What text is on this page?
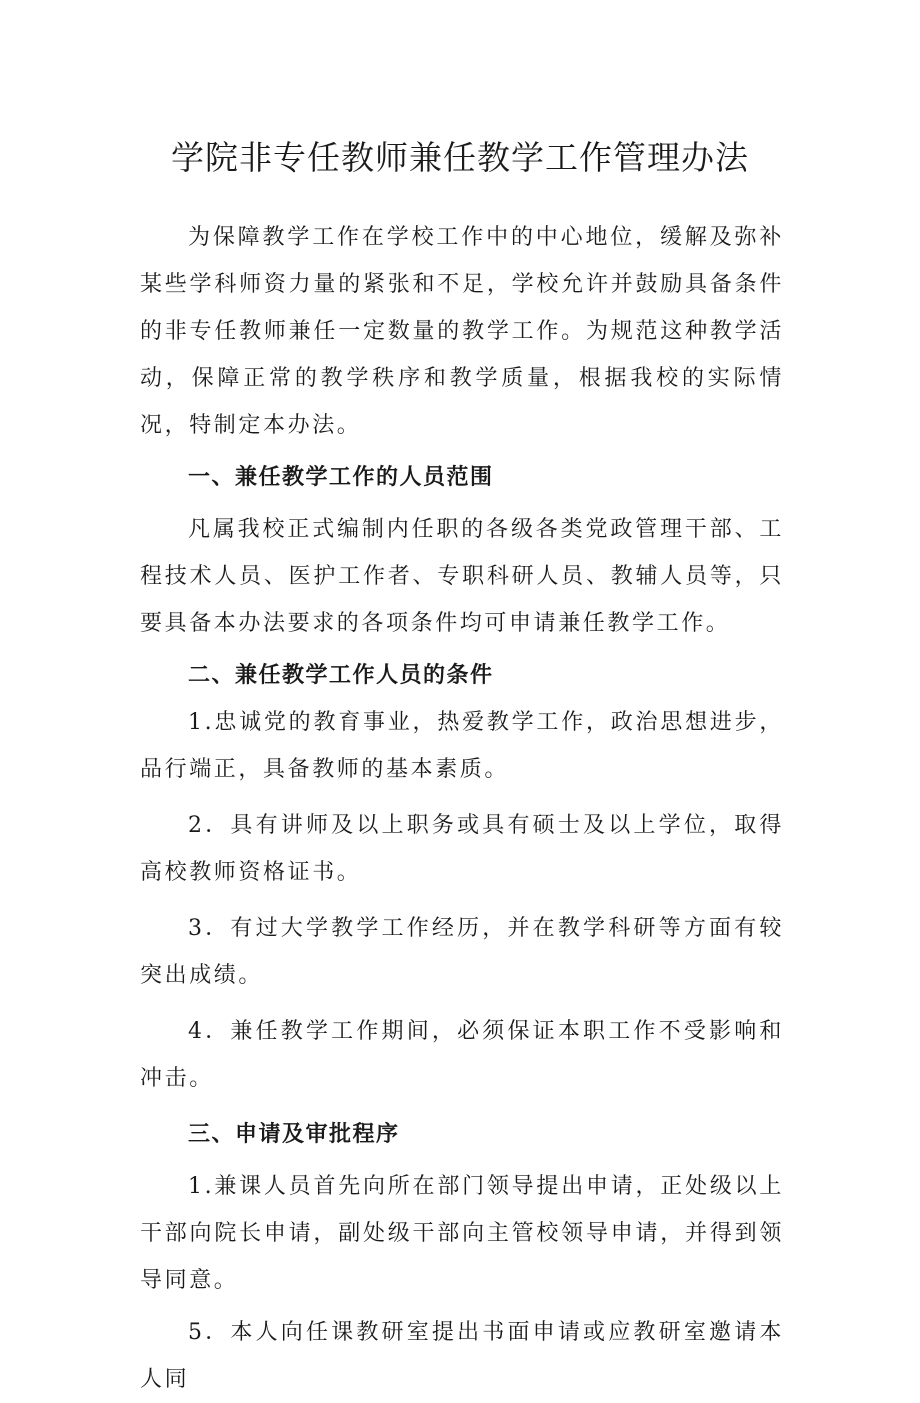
学院非专任教师兼任教学工作管理办法

为保障教学工作在学校工作中的中心地位，缓解及弥补某些学科师资力量的紧张和不足，学校允许并鼓励具备条件的非专任教师兼任一定数量的教学工作。为规范这种教学活动，保障正常的教学秩序和教学质量，根据我校的实际情况，特制定本办法。

一、兼任教学工作的人员范围

凡属我校正式编制内任职的各级各类党政管理干部、工程技术人员、医护工作者、专职科研人员、教辅人员等，只要具备本办法要求的各项条件均可申请兼任教学工作。

二、兼任教学工作人员的条件

1.忠诚党的教育事业，热爱教学工作，政治思想进步，品行端正，具备教师的基本素质。

2．具有讲师及以上职务或具有硕士及以上学位，取得高校教师资格证书。

3．有过大学教学工作经历，并在教学科研等方面有较突出成绩。

4．兼任教学工作期间，必须保证本职工作不受影响和冲击。

三、申请及审批程序

1.兼课人员首先向所在部门领导提出申请，正处级以上干部向院长申请，副处级干部向主管校领导申请，并得到领导同意。

5．本人向任课教研室提出书面申请或应教研室邀请本人同
